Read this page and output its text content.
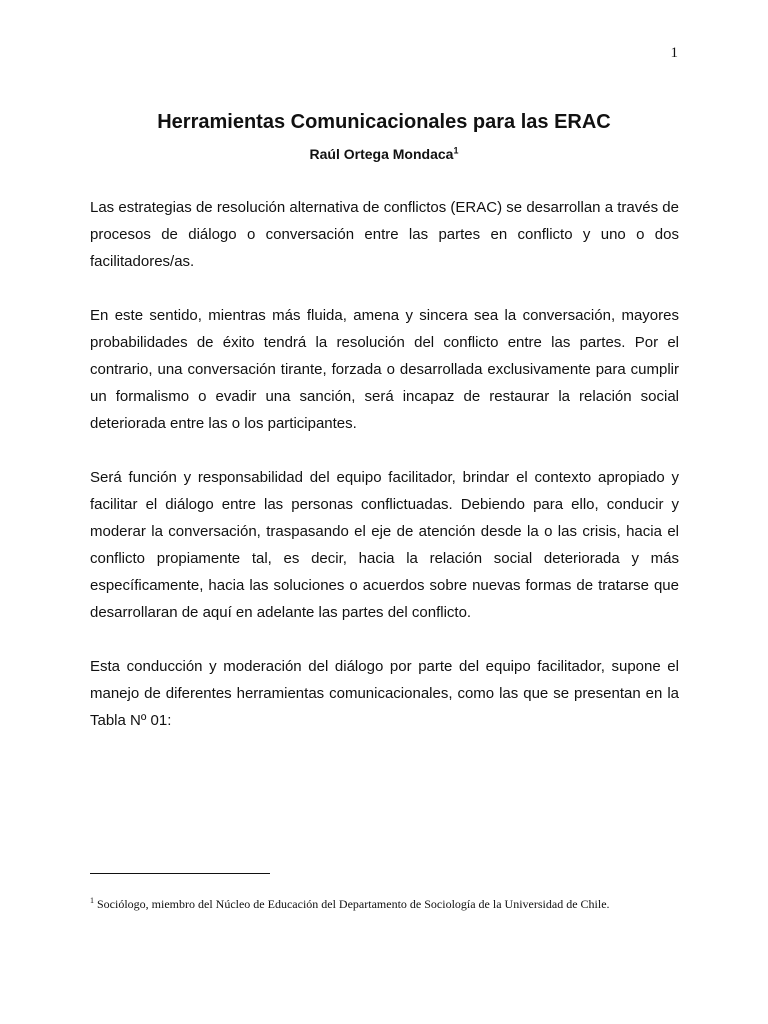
1
Herramientas Comunicacionales para las ERAC
Raúl Ortega Mondaca$^1$

Las estrategias de resolución alternativa de conflictos (ERAC) se desarrollan a través de procesos de diálogo o conversación entre las partes en conflicto y uno o dos facilitadores/as.

En este sentido, mientras más fluida, amena y sincera sea la conversación, mayores probabilidades de éxito tendrá la resolución del conflicto entre las partes. Por el contrario, una conversación tirante, forzada o desarrollada exclusivamente para cumplir un formalismo o evadir una sanción, será incapaz de restaurar la relación social deteriorada entre las o los participantes.

Será función y responsabilidad del equipo facilitador, brindar el contexto apropiado y facilitar el diálogo entre las personas conflictuadas. Debiendo para ello, conducir y moderar la conversación, traspasando el eje de atención desde la o las crisis, hacia el conflicto propiamente tal, es decir, hacia la relación social deteriorada y más específicamente, hacia las soluciones o acuerdos sobre nuevas formas de tratarse que desarrollaran de aquí en adelante las partes del conflicto.

Esta conducción y moderación del diálogo por parte del equipo facilitador, supone el manejo de diferentes herramientas comunicacionales, como las que se presentan en la Tabla Nº 01:

$^1$ Sociólogo, miembro del Núcleo de Educación del Departamento de Sociología de la Universidad de Chile.
